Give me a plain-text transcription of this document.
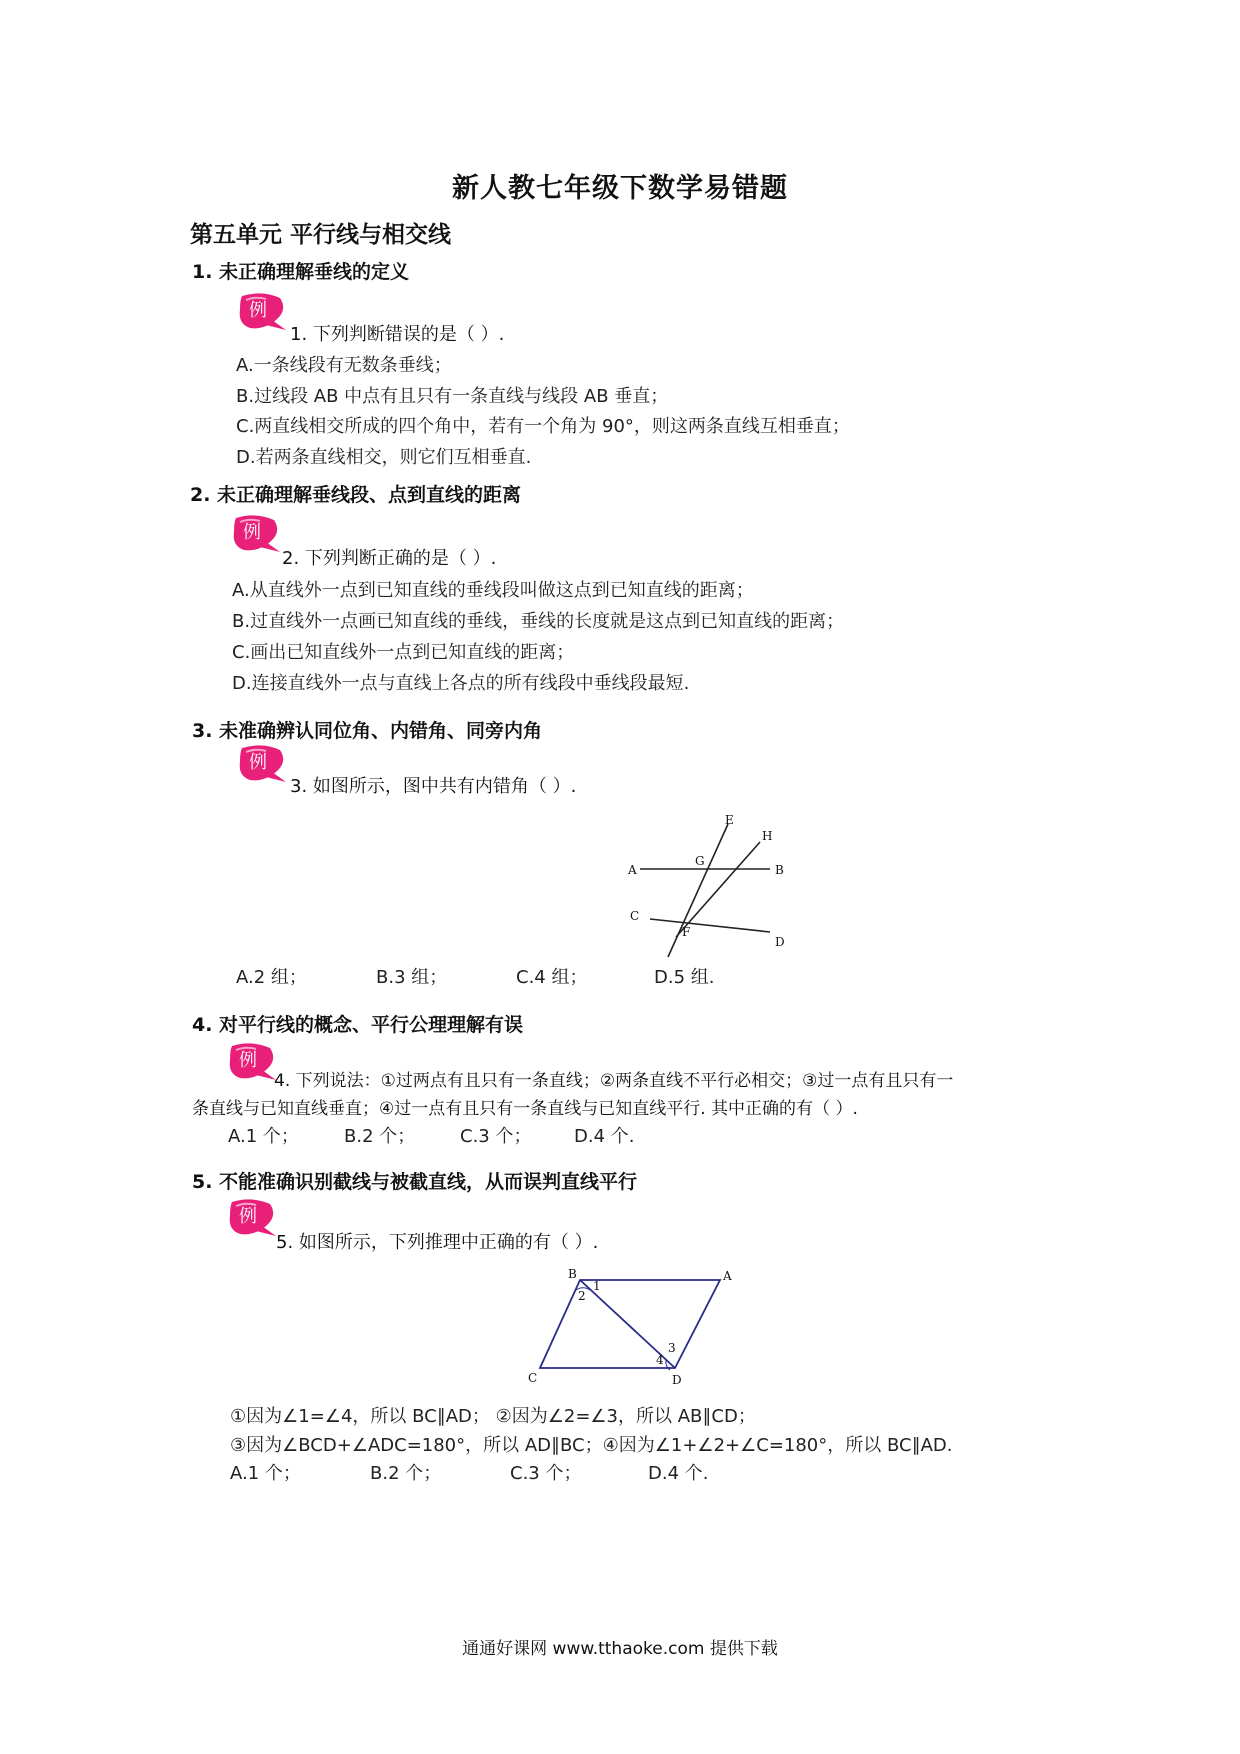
新人教七年级下数学易错题
第五单元 平行线与相交线
1. 未正确理解垂线的定义
例
1. 下列判断错误的是（ ）.
A.一条线段有无数条垂线；
B.过线段 AB 中点有且只有一条直线与线段 AB 垂直；
C.两直线相交所成的四个角中，若有一个角为 90°，则这两条直线互相垂直；
D.若两条直线相交，则它们互相垂直.
2. 未正确理解垂线段、点到直线的距离
例
2. 下列判断正确的是（ ）.
A.从直线外一点到已知直线的垂线段叫做这点到已知直线的距离；
B.过直线外一点画已知直线的垂线，垂线的长度就是这点到已知直线的距离；
C.画出已知直线外一点到已知直线的距离；
D.连接直线外一点与直线上各点的所有线段中垂线段最短.
3. 未准确辨认同位角、内错角、同旁内角
例
3. 如图所示，图中共有内错角（ ）.
E
H
A
G
B
C
F
D
A.2 组；	B.3 组；	C.4 组；	D.5 组.
4. 对平行线的概念、平行公理理解有误
例
4. 下列说法：①过两点有且只有一条直线；②两条直线不平行必相交；③过一点有且只有一
条直线与已知直线垂直；④过一点有且只有一条直线与已知直线平行. 其中正确的有（ ）.
A.1 个；	B.2 个； C.3 个； D.4 个.
5. 不能准确识别截线与被截直线，从而误判直线平行
例
5. 如图所示，下列推理中正确的有（ ）.
B	A
2
1
3
4
C	D
①因为∠1=∠4，所以 BC∥AD； ②因为∠2=∠3，所以 AB∥CD；
③因为∠BCD+∠ADC=180°，所以 AD∥BC；④因为∠1+∠2+∠C=180°，所以 BC∥AD.
A.1 个；	B.2 个；	C.3 个；	D.4 个.
通通好课网 www.tthaoke.com 提供下载
